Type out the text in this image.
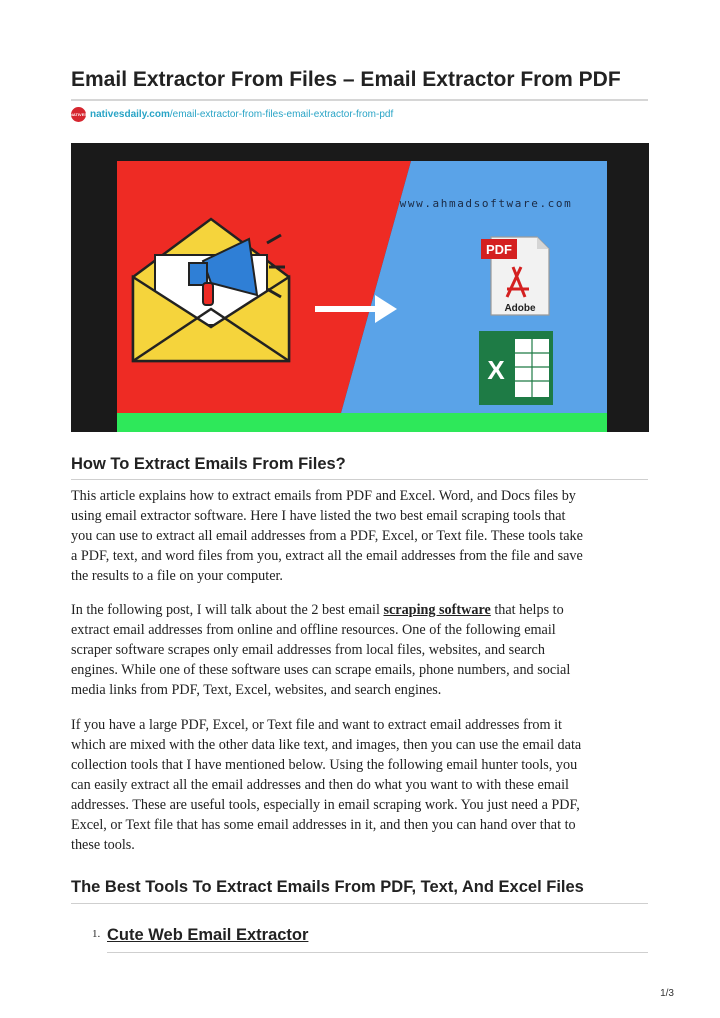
Email Extractor From Files – Email Extractor From PDF
NATIVES nativesdaily.com /email-extractor-from-files-email-extractor-from-pdf
www.ahmadsoftware.com
PDF
Adobe
X
How To Extract Emails From Files?
This article explains how to extract emails from PDF and Excel. Word, and Docs files by
using email extractor software. Here I have listed the two best email scraping tools that
you can use to extract all email addresses from a PDF, Excel, or Text file. These tools take
a PDF, text, and word files from you, extract all the email addresses from the file and save
the results to a file on your computer.
In the following post, I will talk about the 2 best email scraping software that helps to
extract email addresses from online and offline resources. One of the following email
scraper software scrapes only email addresses from local files, websites, and search
engines. While one of these software uses can scrape emails, phone numbers, and social
media links from PDF, Text, Excel, websites, and search engines.
If you have a large PDF, Excel, or Text file and want to extract email addresses from it
which are mixed with the other data like text, and images, then you can use the email data
collection tools that I have mentioned below. Using the following email hunter tools, you
can easily extract all the email addresses and then do what you want to with these email
addresses. These are useful tools, especially in email scraping work. You just need a PDF,
Excel, or Text file that has some email addresses in it, and then you can hand over that to
these tools.
The Best Tools To Extract Emails From PDF, Text, And Excel Files
1. Cute Web Email Extractor
1/3
